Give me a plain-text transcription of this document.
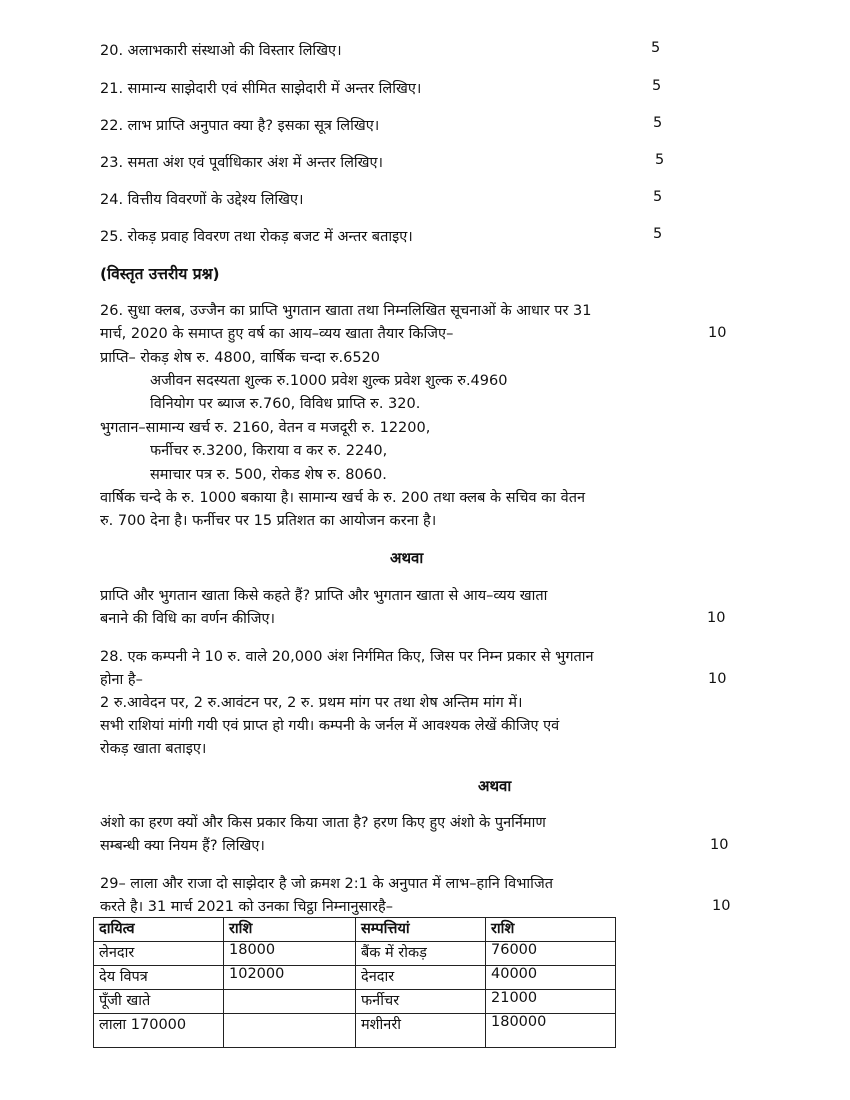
20. अलाभकारी संस्थाओ की विस्तार लिखिए।	5
21. सामान्य साझेदारी एवं सीमित साझेदारी में अन्तर लिखिए।	5
22. लाभ प्राप्ति अनुपात क्या है? इसका सूत्र लिखिए।	5
23. समता अंश एवं पूर्वाधिकार अंश में अन्तर लिखिए।	5
24. वित्तीय विवरणों के उद्देश्य लिखिए।	5
25. रोकड़ प्रवाह विवरण तथा रोकड़ बजट में अन्तर बताइए।	5
(विस्तृत उत्तरीय प्रश्न)
26. सुधा क्लब, उज्जैन का प्राप्ति भुगतान खाता तथा निम्नलिखित सूचनाओं के आधार पर 31
मार्च, 2020 के समाप्त हुए वर्ष का आय–व्यय खाता तैयार किजिए–	10
प्राप्ति– रोकड़ शेष रु. 4800, वार्षिक चन्दा रु.6520
अजीवन सदस्यता शुल्क रु.1000 प्रवेश शुल्क प्रवेश शुल्क रु.4960
विनियोग पर ब्याज रु.760, विविध प्राप्ति रु. 320.
भुगतान–सामान्य खर्च रु. 2160, वेतन व मजदूरी रु. 12200,
फर्नीचर रु.3200, किराया व कर रु. 2240,
समाचार पत्र रु. 500, रोकड शेष रु. 8060.
वार्षिक चन्दे के रु. 1000 बकाया है। सामान्य खर्च के रु. 200 तथा क्लब के सचिव का वेतन
रु. 700 देना है। फर्नीचर पर 15 प्रतिशत का आयोजन करना है।
अथवा
प्राप्ति और भुगतान खाता किसे कहते हैं? प्राप्ति और भुगतान खाता से आय–व्यय खाता
बनाने की विधि का वर्णन कीजिए।	10
28. एक कम्पनी ने 10 रु. वाले 20,000 अंश निर्गमित किए, जिस पर निम्न प्रकार से भुगतान
होना है–	10
2 रु.आवेदन पर, 2 रु.आवंटन पर, 2 रु. प्रथम मांग पर तथा शेष अन्तिम मांग में।
सभी राशियां मांगी गयी एवं प्राप्त हो गयी। कम्पनी के जर्नल में आवश्यक लेखें कीजिए एवं
रोकड़ खाता बताइए।
अथवा
अंशो का हरण क्यों और किस प्रकार किया जाता है? हरण किए हुए अंशो के पुनर्निमाण
सम्बन्धी क्या नियम हैं? लिखिए।	10
29– लाला और राजा दो साझेदार है जो क्रमश 2:1 के अनुपात में लाभ–हानि विभाजित
करते है। 31 मार्च 2021 को उनका चिट्ठा निम्नानुसारहै–	10
दायित्व	राशि	सम्पत्तियां	राशि
लेनदार	18000	बैंक में रोकड़	76000
देय विपत्र	102000	देनदार	40000
पूँजी खाते		फर्नीचर	21000
लाला 170000		मशीनरी	180000
